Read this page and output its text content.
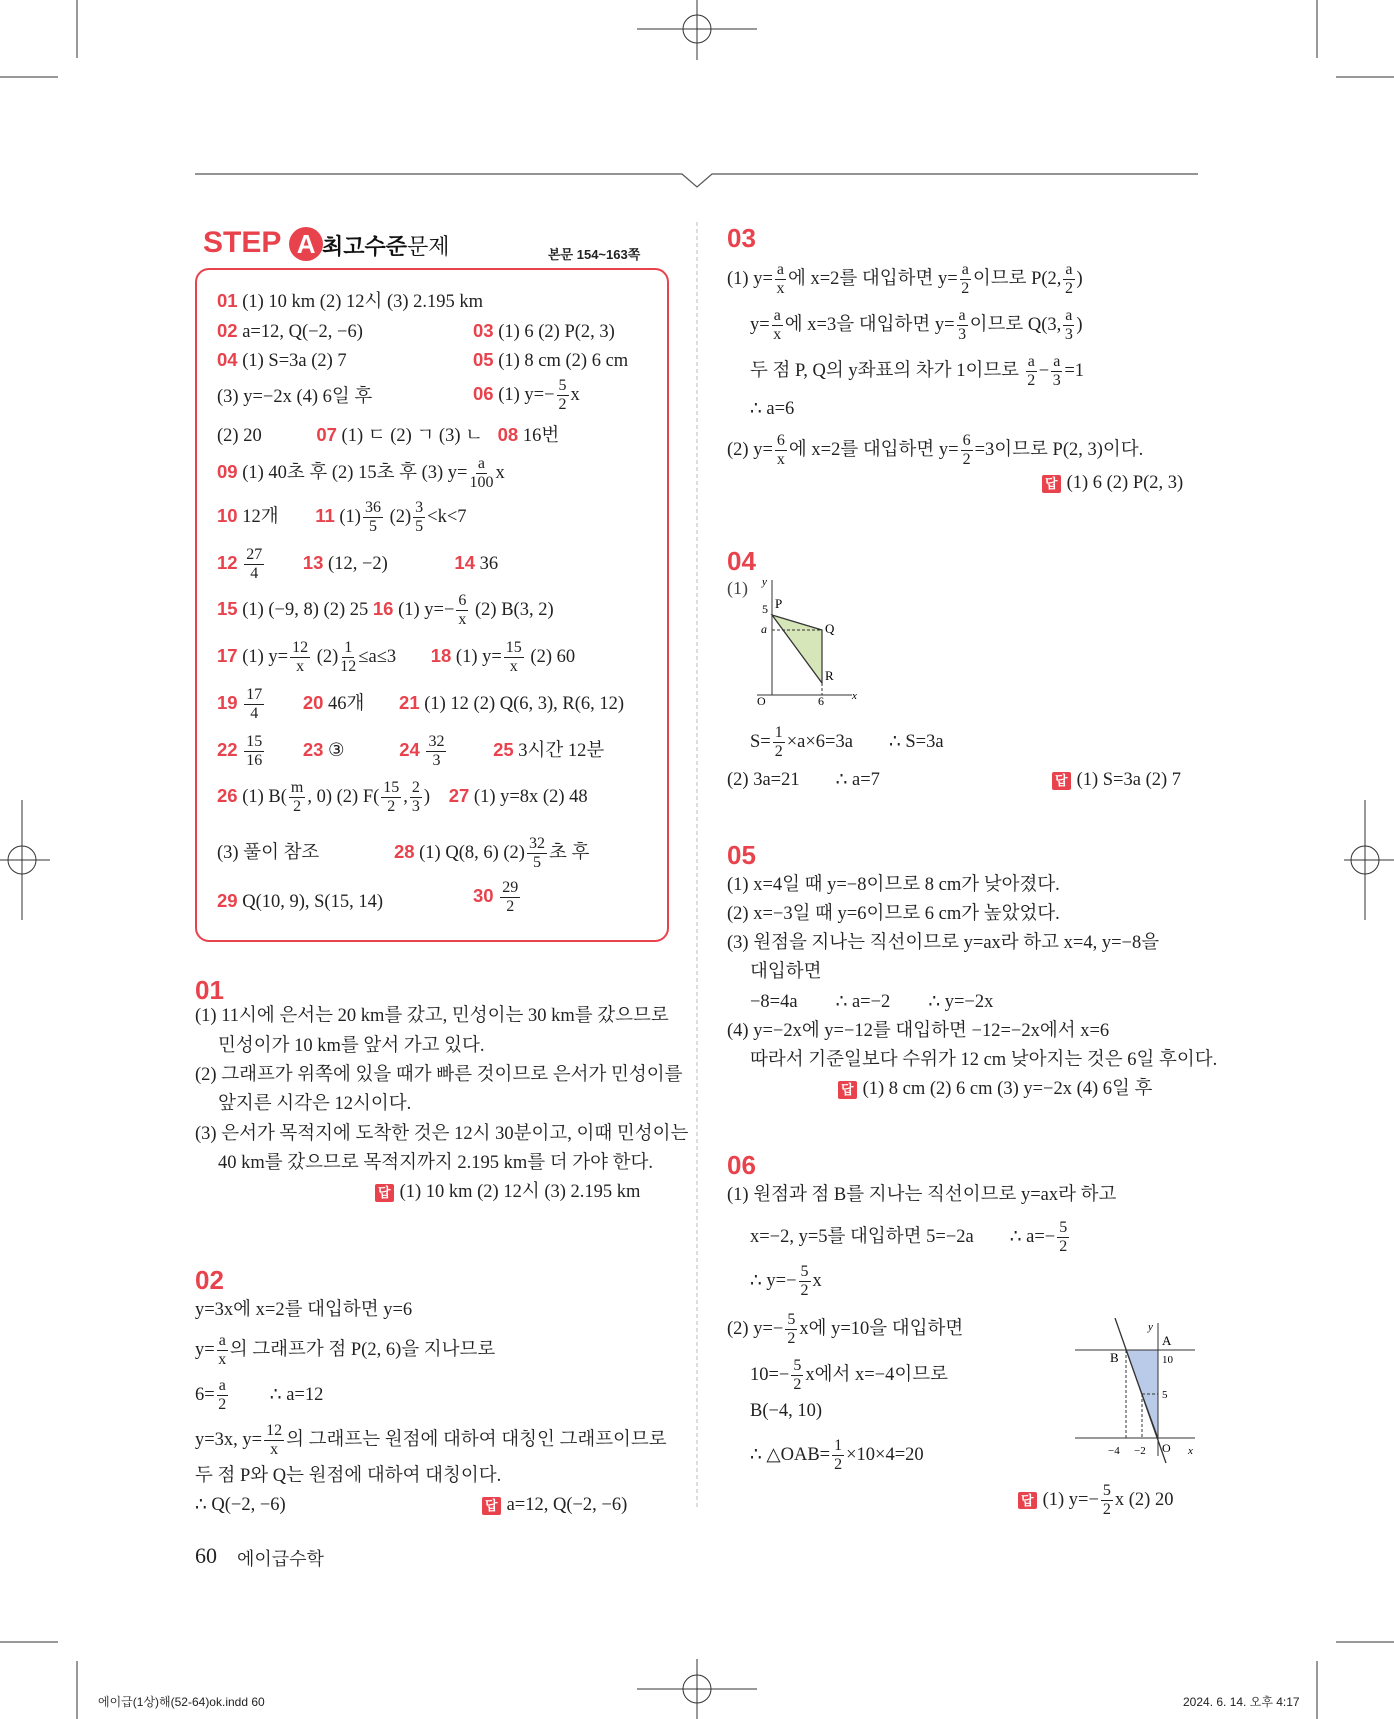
STEP A 최고수준문제	본문 154~163쪽
01 (1) 10 km (2) 12시 (3) 2.195 km
02 a=12, Q(−2, −6)	03 (1) 6 (2) P(2, 3)
04 (1) S=3a (2) 7	05 (1) 8 cm (2) 6 cm
(3) y=−2x (4) 6일 후	06 (1) $y=- \frac{5}{2}$ x
(2) 20	07 (1) ㄷ (2) ㄱ (3) ㄴ 08 16번
09 (1) 40초 후 (2) 15초 후 (3) $y= \frac{a}{100}$ x
10 12개 11 $(1) \frac{36}{5} (2) \frac{3}{5} <k<7$
$12 \frac{27}{4} 13$ (12, −2)	14 36
15 (1) (−9, 8) (2) 25 16 (1) $y=- \frac{6}{x} (2)$ B(3, 2)
17 (1) $y= \frac{12}{x} (2) \frac{1}{12} \le a\le 3$ 18 (1) $y= \frac{15}{x} (2)$ 60
$19 \frac{17}{4} 20$ 46개 21 (1) 12 (2) Q(6, 3), R(6, 12)
$22 \frac{15}{16} 23$ ③	$24 \frac{32}{3}$	25 3시간 12분
26 (1) $B( \frac{m}{2}$ , 0) (2) $F( \frac{15}{2}$ , $\frac{2}{3}$ ) 27 (1) y=8x (2) 48
(3) 풀이 참조	28 (1) Q(8, 6) $(2) \frac{32}{5}$ 초 후
29 Q(10, 9), S(15, 14)	$30 \frac{29}{2}$
01
(1) 11시에 은서는 20 km를 갔고, 민성이는 30 km를 갔으므로
민성이가 10 km를 앞서 가고 있다.
(2) 그래프가 위쪽에 있을 때가 빠른 것이므로 은서가 민성이를
앞지른 시각은 12시이다.
(3) 은서가 목적지에 도착한 것은 12시 30분이고, 이때 민성이는
40 km를 갔으므로 목적지까지 2.195 km를 더 가야 한다.
답 (1) 10 km (2) 12시 (3) 2.195 km
02
y=3x에 x=2를 대입하면 y=6
$y= \frac{a}{x}$ 의 그래프가 점 P(2, 6)을 지나므로
$6= \frac{a}{2}$ ∴ a=12
y=3x, $y= \frac{12}{x}$ 의 그래프는 원점에 대하여 대칭인 그래프이므로
두 점 P와 Q는 원점에 대하여 대칭이다.
∴ Q(−2, −6)	답 a=12, Q(−2, −6)
03
(1) $y= \frac{a}{x}$ 에 x=2를 대입하면 $y= \frac{a}{2}$ 이므로 P(2, $\frac{a}{2}$ )
$y= \frac{a}{x}$ 에 x=3을 대입하면 $y= \frac{a}{3}$ 이므로 Q(3, $\frac{a}{3}$ )
두 점 P, Q의 y좌표의 차가 1이므로 $\frac{a}{2} - \frac{a}{3} =1$
∴ a=6
(2) $y= \frac{6}{x}$ 에 x=2를 대입하면 $y= \frac{6}{2} =3$이므로 P(2, 3)이다.
답 (1) 6 (2) P(2, 3)
04
(1) y
x
O
5
a
6
P
Q
R
$S= \frac{1}{2} \times a\times 6=3a$ ∴ S=3a
(2) 3a=21 ∴ a=7	답 (1) S=3a (2) 7
05
(1) x=4일 때 y=−8이므로 8 cm가 낮아졌다.
(2) x=−3일 때 y=6이므로 6 cm가 높았었다.
(3) 원점을 지나는 직선이므로 y=ax라 하고 x=4, y=−8을
대입하면
−8=4a ∴ a=−2 ∴ y=−2x
(4) y=−2x에 y=−12를 대입하면 −12=−2x에서 x=6
따라서 기준일보다 수위가 12 cm 낮아지는 것은 6일 후이다.
답 (1) 8 cm (2) 6 cm (3) y=−2x (4) 6일 후
06
(1) 원점과 점 B를 지나는 직선이므로 y=ax라 하고
x=−2, y=5를 대입하면 5=−2a ∴ $a=- \frac{5}{2}$
∴ $y=- \frac{5}{2}$ x
(2) $y=- \frac{5}{2}$ x에 y=10을 대입하면
$10=- \frac{5}{2}$ x에서 x=−4이므로
B(−4, 10)
∴ △OAB= $\frac{1}{2} \times 10\times 4=20$
y
x
A
B
O
10
5
−4 −2
답 (1) $y=- \frac{5}{2}$ x (2) 20
60 에이급수학
에이급(1상)해(52-64)ok.indd 60	2024. 6. 14. 오후 4:17
